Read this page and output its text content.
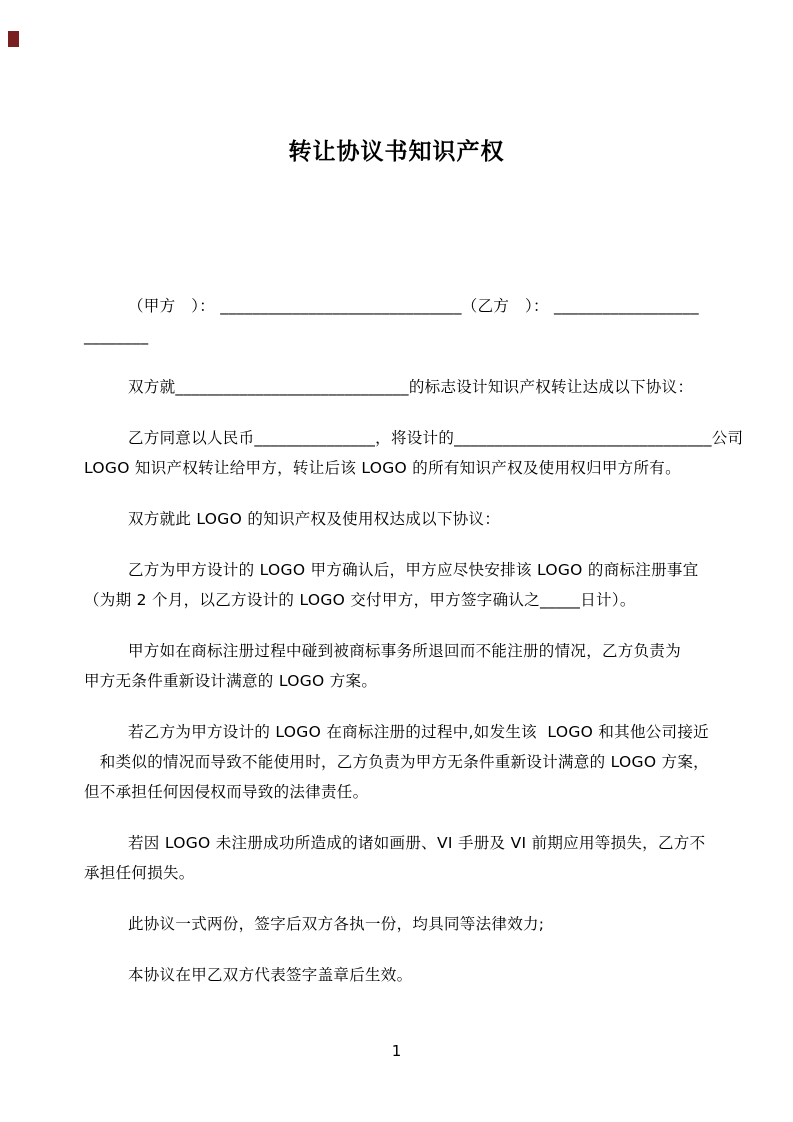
转让协议书知识产权
（甲方　）： ______________________________（乙方　）： __________________
________
双方就_____________________________的标志设计知识产权转让达成以下协议：
乙方同意以人民币_______________，将设计的________________________________公司
LOGO 知识产权转让给甲方，转让后该 LOGO 的所有知识产权及使用权归甲方所有。
双方就此 LOGO 的知识产权及使用权达成以下协议：
乙方为甲方设计的 LOGO 甲方确认后，甲方应尽快安排该 LOGO 的商标注册事宜
（为期 2 个月，以乙方设计的 LOGO 交付甲方，甲方签字确认之_____日计）。
甲方如在商标注册过程中碰到被商标事务所退回而不能注册的情况，乙方负责为
甲方无条件重新设计满意的 LOGO 方案。
若乙方为甲方设计的 LOGO 在商标注册的过程中,如发生该  LOGO 和其他公司接近
　和类似的情况而导致不能使用时，乙方负责为甲方无条件重新设计满意的 LOGO 方案，
但不承担任何因侵权而导致的法律责任。
若因 LOGO 未注册成功所造成的诸如画册、VI 手册及 VI 前期应用等损失，乙方不
承担任何损失。
此协议一式两份，签字后双方各执一份，均具同等法律效力;
本协议在甲乙双方代表签字盖章后生效。
1
